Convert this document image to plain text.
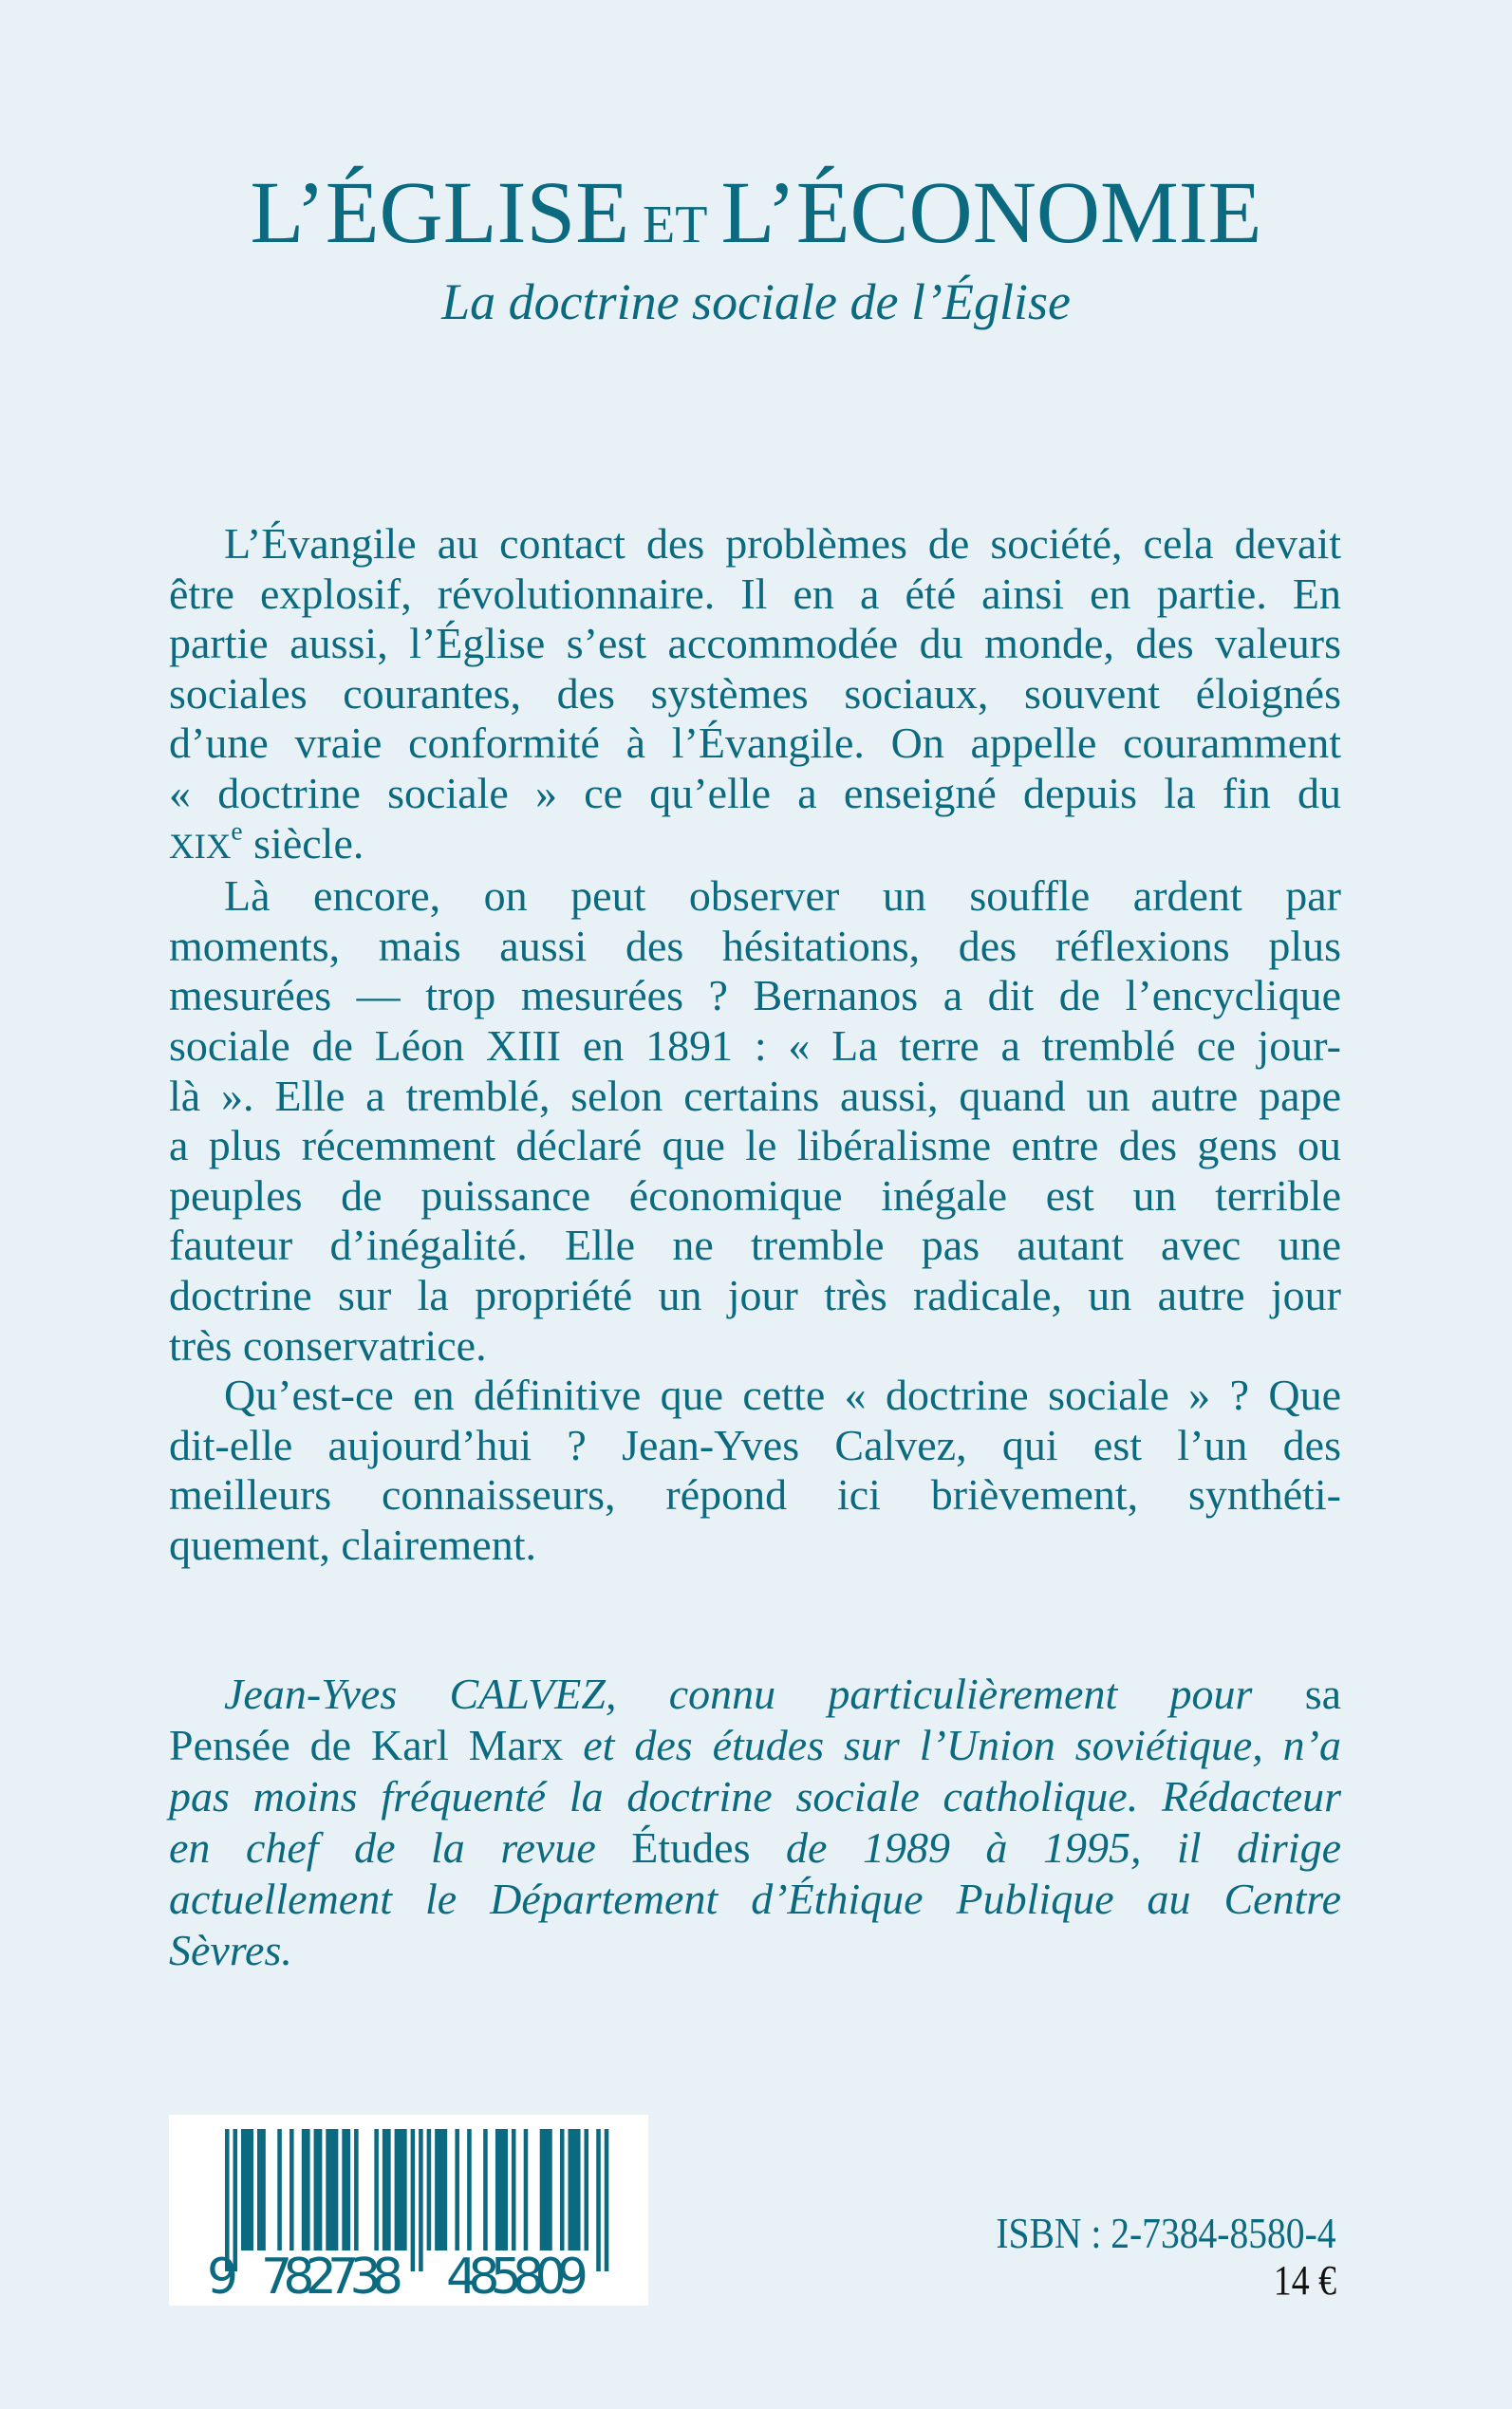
L’ÉGLISE ET L’ÉCONOMIE
La doctrine sociale de l’Église
L’Évangile au contact des problèmes de société, cela devait
être explosif, révolutionnaire. Il en a été ainsi en partie. En
partie aussi, l’Église s’est accommodée du monde, des valeurs
sociales courantes, des systèmes sociaux, souvent éloignés
d’une vraie conformité à l’Évangile. On appelle couramment
« doctrine sociale » ce qu’elle a enseigné depuis la fin du
XIXe siècle.
Là encore, on peut observer un souffle ardent par
moments, mais aussi des hésitations, des réflexions plus
mesurées — trop mesurées ? Bernanos a dit de l’encyclique
sociale de Léon XIII en 1891 : « La terre a tremblé ce jour-
là ». Elle a tremblé, selon certains aussi, quand un autre pape
a plus récemment déclaré que le libéralisme entre des gens ou
peuples de puissance économique inégale est un terrible
fauteur d’inégalité. Elle ne tremble pas autant avec une
doctrine sur la propriété un jour très radicale, un autre jour
très conservatrice.
Qu’est-ce en définitive que cette « doctrine sociale » ? Que
dit-elle aujourd’hui ? Jean-Yves Calvez, qui est l’un des
meilleurs connaisseurs, répond ici brièvement, synthéti-
quement, clairement.
Jean-Yves CALVEZ, connu particulièrement pour sa
Pensée de Karl Marx et des études sur l’Union soviétique, n’a
pas moins fréquenté la doctrine sociale catholique. Rédacteur
en chef de la revue Études de 1989 à 1995, il dirige
actuellement le Département d’Éthique Publique au Centre
Sèvres.
9 782738 485809
ISBN : 2-7384-8580-4
14 €
